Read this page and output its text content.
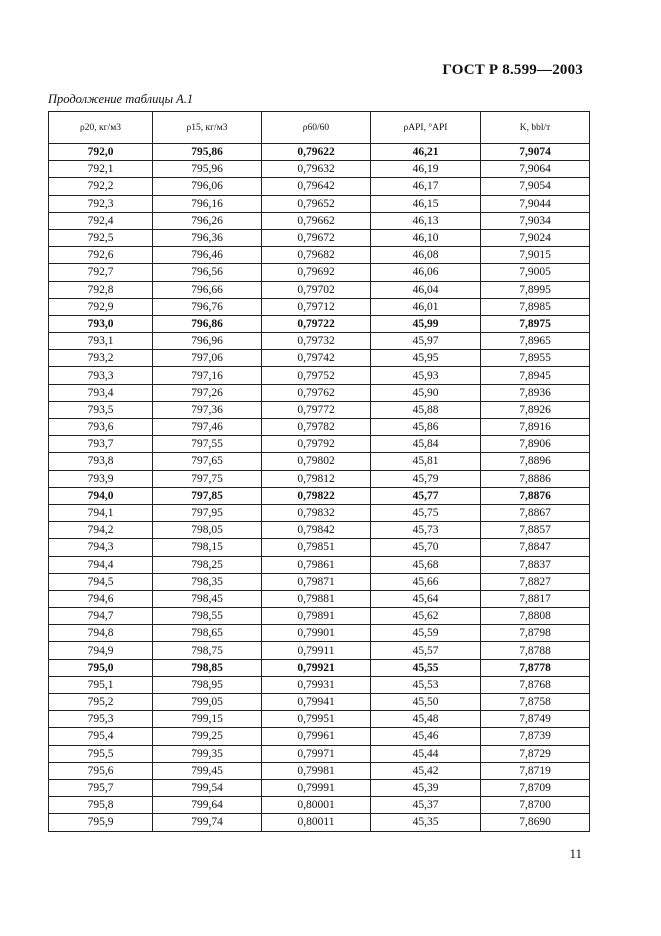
ГОСТ Р 8.599—2003
Продолжение таблицы А.1
ρ20, кг/м3	ρ15, кг/м3	ρ60/60	ρAPI, °API	K, bbl/т
792,0	795,86	0,79622	46,21	7,9074
792,1	795,96	0,79632	46,19	7,9064
792,2	796,06	0,79642	46,17	7,9054
792,3	796,16	0,79652	46,15	7,9044
792,4	796,26	0,79662	46,13	7,9034
792,5	796,36	0,79672	46,10	7,9024
792,6	796,46	0,79682	46,08	7,9015
792,7	796,56	0,79692	46,06	7,9005
792,8	796,66	0,79702	46,04	7,8995
792,9	796,76	0,79712	46,01	7,8985
793,0	796,86	0,79722	45,99	7,8975
793,1	796,96	0,79732	45,97	7,8965
793,2	797,06	0,79742	45,95	7,8955
793,3	797,16	0,79752	45,93	7,8945
793,4	797,26	0,79762	45,90	7,8936
793,5	797,36	0,79772	45,88	7,8926
793,6	797,46	0,79782	45,86	7,8916
793,7	797,55	0,79792	45,84	7,8906
793,8	797,65	0,79802	45,81	7,8896
793,9	797,75	0,79812	45,79	7,8886
794,0	797,85	0,79822	45,77	7,8876
794,1	797,95	0,79832	45,75	7,8867
794,2	798,05	0,79842	45,73	7,8857
794,3	798,15	0,79851	45,70	7,8847
794,4	798,25	0,79861	45,68	7,8837
794,5	798,35	0,79871	45,66	7,8827
794,6	798,45	0,79881	45,64	7,8817
794,7	798,55	0,79891	45,62	7,8808
794,8	798,65	0,79901	45,59	7,8798
794,9	798,75	0,79911	45,57	7,8788
795,0	798,85	0,79921	45,55	7,8778
795,1	798,95	0,79931	45,53	7,8768
795,2	799,05	0,79941	45,50	7,8758
795,3	799,15	0,79951	45,48	7,8749
795,4	799,25	0,79961	45,46	7,8739
795,5	799,35	0,79971	45,44	7,8729
795,6	799,45	0,79981	45,42	7,8719
795,7	799,54	0,79991	45,39	7,8709
795,8	799,64	0,80001	45,37	7,8700
795,9	799,74	0,80011	45,35	7,8690
11
